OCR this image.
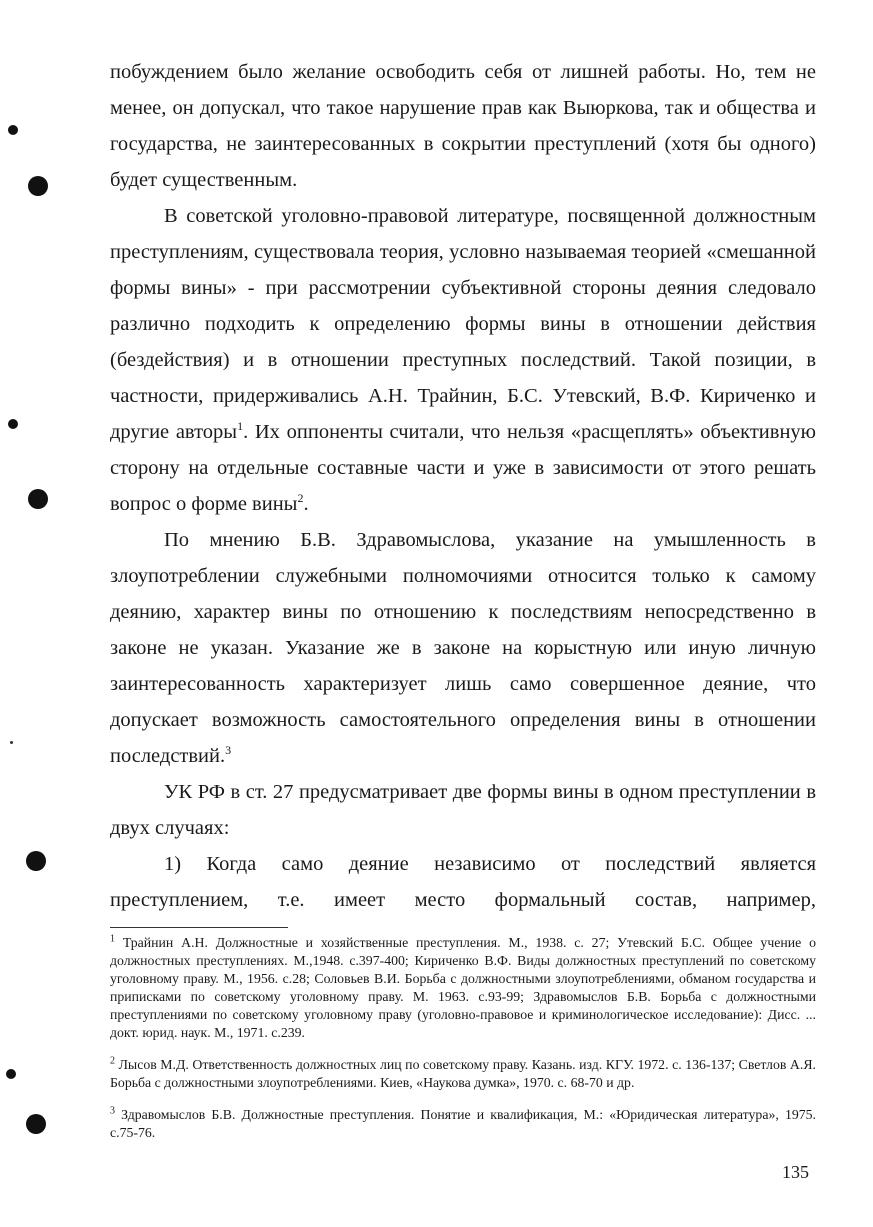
побуждением было желание освободить себя от лишней работы. Но, тем не менее, он допускал, что такое нарушение прав как Выюркова, так и общества и государства, не заинтересованных в сокрытии преступлений (хотя бы одного) будет существенным.

В советской уголовно-правовой литературе, посвященной должностным преступлениям, существовала теория, условно называемая теорией «смешанной формы вины» - при рассмотрении субъективной стороны деяния следовало различно подходить к определению формы вины в отношении действия (бездействия) и в отношении преступных последствий. Такой позиции, в частности, придерживались А.Н. Трайнин, Б.С. Утевский, В.Ф. Кириченко и другие авторы$^1$. Их оппоненты считали, что нельзя «расщеплять» объективную сторону на отдельные составные части и уже в зависимости от этого решать вопрос о форме вины$^2$.

По мнению Б.В. Здравомыслова, указание на умышленность в злоупотреблении служебными полномочиями относится только к самому деянию, характер вины по отношению к последствиям непосредственно в законе не указан. Указание же в законе на корыстную или иную личную заинтересованность характеризует лишь само совершенное деяние, что допускает возможность самостоятельного определения вины в отношении последствий.$^3$

УК РФ в ст. 27 предусматривает две формы вины в одном преступлении в двух случаях:

1) Когда само деяние независимо от последствий является преступлением, т.е. имеет место формальный состав, например,

$^1$ Трайнин А.Н. Должностные и хозяйственные преступления. М., 1938. с. 27; Утевский Б.С. Общее учение о должностных преступлениях. М.,1948. с.397-400; Кириченко В.Ф. Виды должностных преступлений по советскому уголовному праву. М., 1956. с.28; Соловьев В.И. Борьба с должностными злоупотреблениями, обманом государства и приписками по советскому уголовному праву. М. 1963. с.93-99; Здравомыслов Б.В. Борьба с должностными преступлениями по советскому уголовному праву (уголовно-правовое и криминологическое исследование): Дисс. ... докт. юрид. наук. М., 1971. с.239.

$^2$ Лысов М.Д. Ответственность должностных лиц по советскому праву. Казань. изд. КГУ. 1972. с. 136-137; Светлов А.Я. Борьба с должностными злоупотреблениями. Киев, «Наукова думка», 1970. с. 68-70 и др.

$^3$ Здравомыслов Б.В. Должностные преступления. Понятие и квалификация, М.: «Юридическая литература», 1975. с.75-76.

135
